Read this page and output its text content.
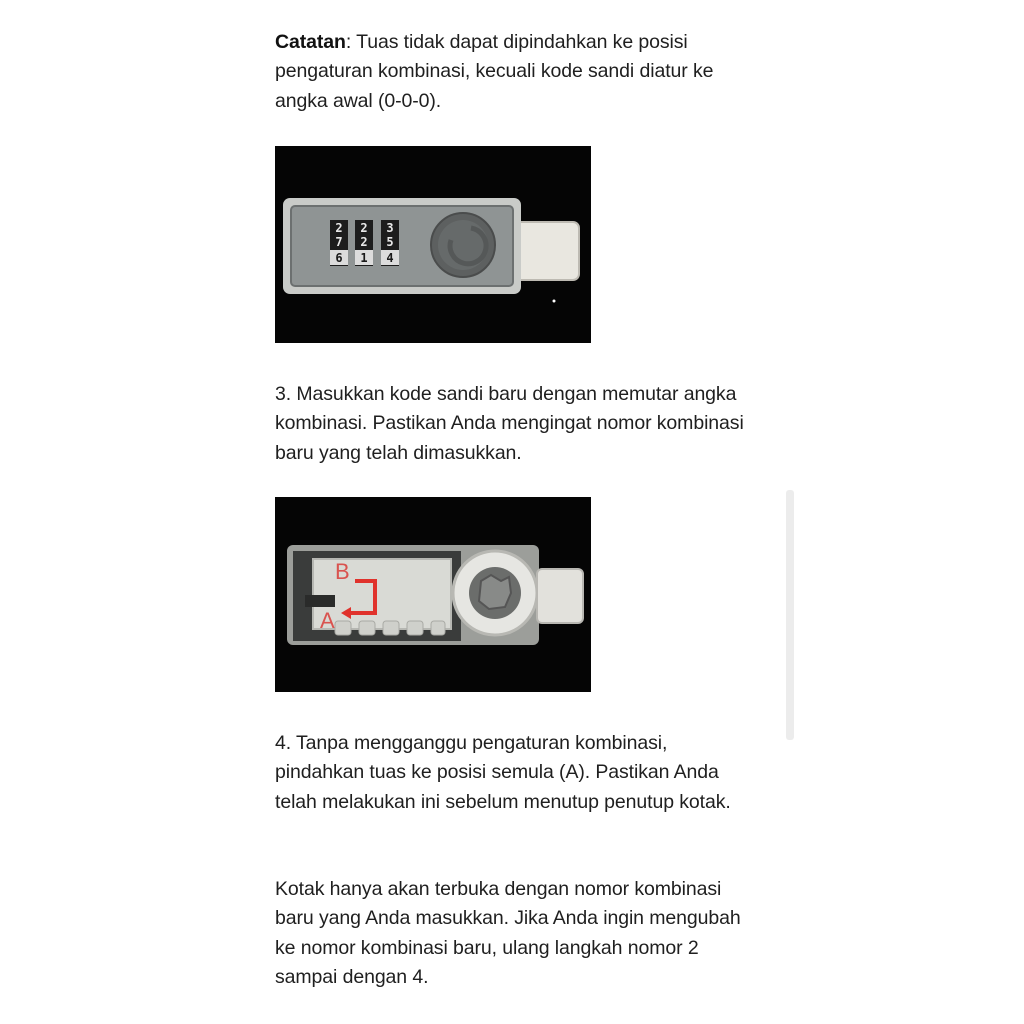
Catatan: Tuas tidak dapat dipindahkan ke posisi pengaturan kombinasi, kecuali kode sandi diatur ke angka awal (0-0-0).

2 2 3
7 2 5
6 1 4

3. Masukkan kode sandi baru dengan memutar angka kombinasi. Pastikan Anda mengingat nomor kombinasi baru yang telah dimasukkan.

B
A

4. Tanpa mengganggu pengaturan kombinasi, pindahkan tuas ke posisi semula (A). Pastikan Anda telah melakukan ini sebelum menutup penutup kotak.

Kotak hanya akan terbuka dengan nomor kombinasi baru yang Anda masukkan. Jika Anda ingin mengubah ke nomor kombinasi baru, ulang langkah nomor 2 sampai dengan 4.
